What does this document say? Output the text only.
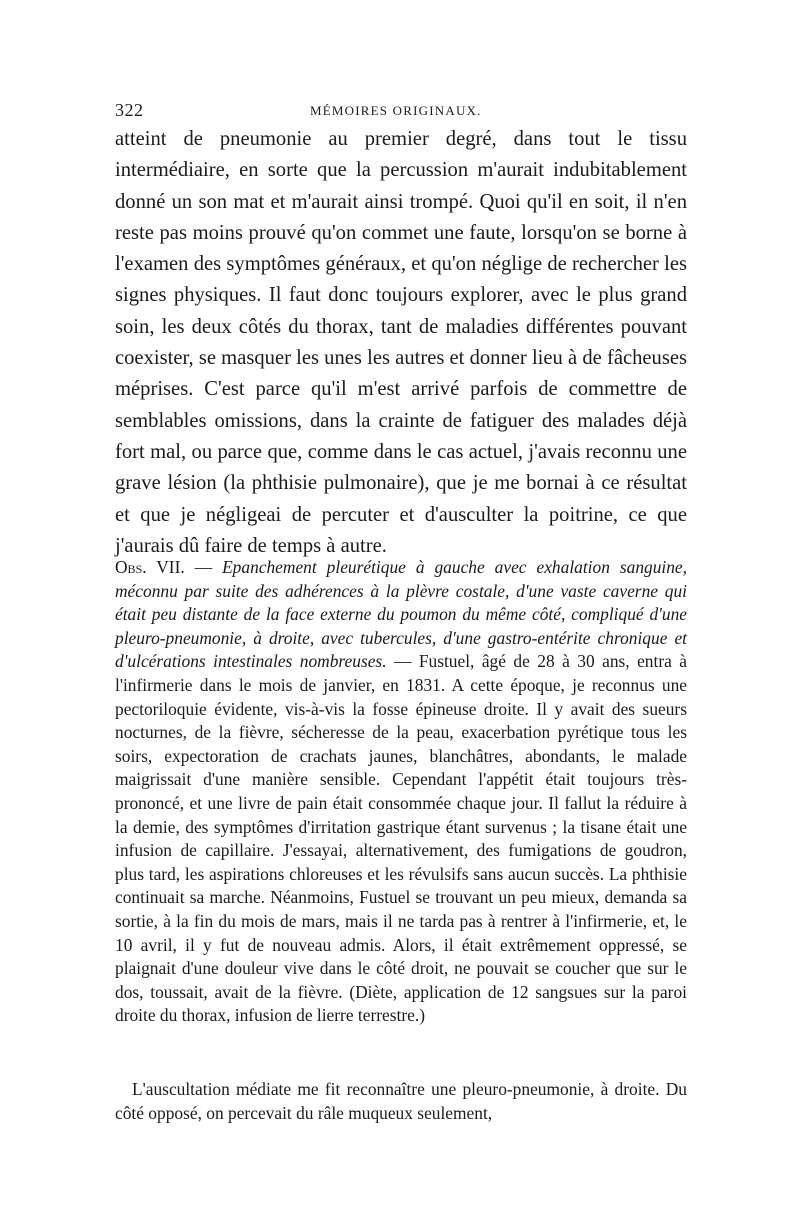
322	MÉMOIRES ORIGINAUX.

atteint de pneumonie au premier degré, dans tout le tissu intermédiaire, en sorte que la percussion m'aurait indubitablement donné un son mat et m'aurait ainsi trompé. Quoi qu'il en soit, il n'en reste pas moins prouvé qu'on commet une faute, lorsqu'on se borne à l'examen des symptômes généraux, et qu'on néglige de rechercher les signes physiques. Il faut donc toujours explorer, avec le plus grand soin, les deux côtés du thorax, tant de maladies différentes pouvant coexister, se masquer les unes les autres et donner lieu à de fâcheuses méprises. C'est parce qu'il m'est arrivé parfois de commettre de semblables omissions, dans la crainte de fatiguer des malades déjà fort mal, ou parce que, comme dans le cas actuel, j'avais reconnu une grave lésion (la phthisie pulmonaire), que je me bornai à ce résultat et que je négligeai de percuter et d'ausculter la poitrine, ce que j'aurais dû faire de temps à autre.

Obs. VII. — Epanchement pleurétique à gauche avec exhalation sanguine, méconnu par suite des adhérences à la plèvre costale, d'une vaste caverne qui était peu distante de la face externe du poumon du même côté, compliqué d'une pleuro-pneumonie, à droite, avec tubercules, d'une gastro-entérite chronique et d'ulcérations intestinales nombreuses. — Fustuel, âgé de 28 à 30 ans, entra à l'infirmerie dans le mois de janvier, en 1831. A cette époque, je reconnus une pectoriloquie évidente, vis-à-vis la fosse épineuse droite. Il y avait des sueurs nocturnes, de la fièvre, sécheresse de la peau, exacerbation pyrétique tous les soirs, expectoration de crachats jaunes, blanchâtres, abondants, le malade maigrissait d'une manière sensible. Cependant l'appétit était toujours très-prononcé, et une livre de pain était consommée chaque jour. Il fallut la réduire à la demie, des symptômes d'irritation gastrique étant survenus ; la tisane était une infusion de capillaire. J'essayai, alternativement, des fumigations de goudron, plus tard, les aspirations chloreuses et les révulsifs sans aucun succès. La phthisie continuait sa marche. Néanmoins, Fustuel se trouvant un peu mieux, demanda sa sortie, à la fin du mois de mars, mais il ne tarda pas à rentrer à l'infirmerie, et, le 10 avril, il y fut de nouveau admis. Alors, il était extrêmement oppressé, se plaignait d'une douleur vive dans le côté droit, ne pouvait se coucher que sur le dos, toussait, avait de la fièvre. (Diète, application de 12 sangsues sur la paroi droite du thorax, infusion de lierre terrestre.)

L'auscultation médiate me fit reconnaître une pleuro-pneumonie, à droite. Du côté opposé, on percevait du râle muqueux seulement,
